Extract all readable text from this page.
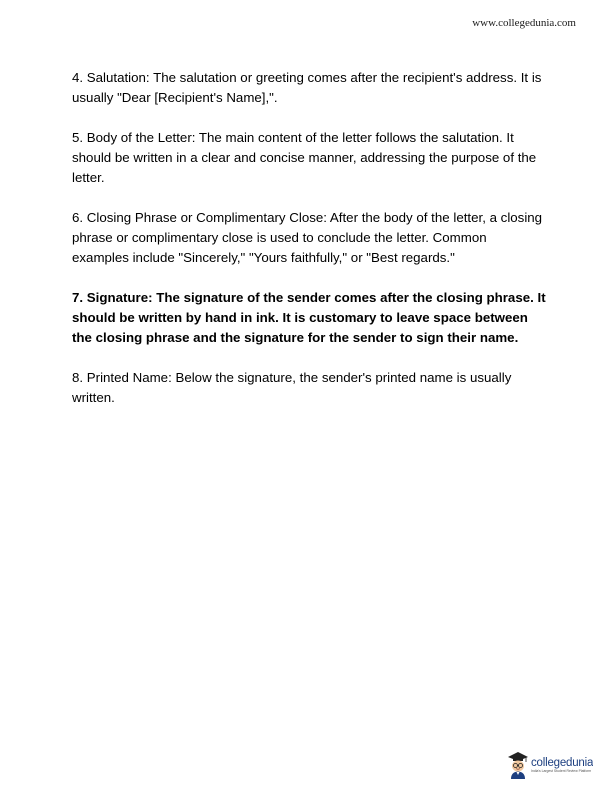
www.collegedunia.com

4. Salutation: The salutation or greeting comes after the recipient's address. It is usually "Dear [Recipient's Name],".

5. Body of the Letter: The main content of the letter follows the salutation. It should be written in a clear and concise manner, addressing the purpose of the letter.

6. Closing Phrase or Complimentary Close: After the body of the letter, a closing phrase or complimentary close is used to conclude the letter. Common examples include "Sincerely," "Yours faithfully," or "Best regards."

7. Signature: The signature of the sender comes after the closing phrase. It should be written by hand in ink. It is customary to leave space between the closing phrase and the signature for the sender to sign their name.

8. Printed Name: Below the signature, the sender's printed name is usually written.

collegedunia
India's Largest Student Review Platform
